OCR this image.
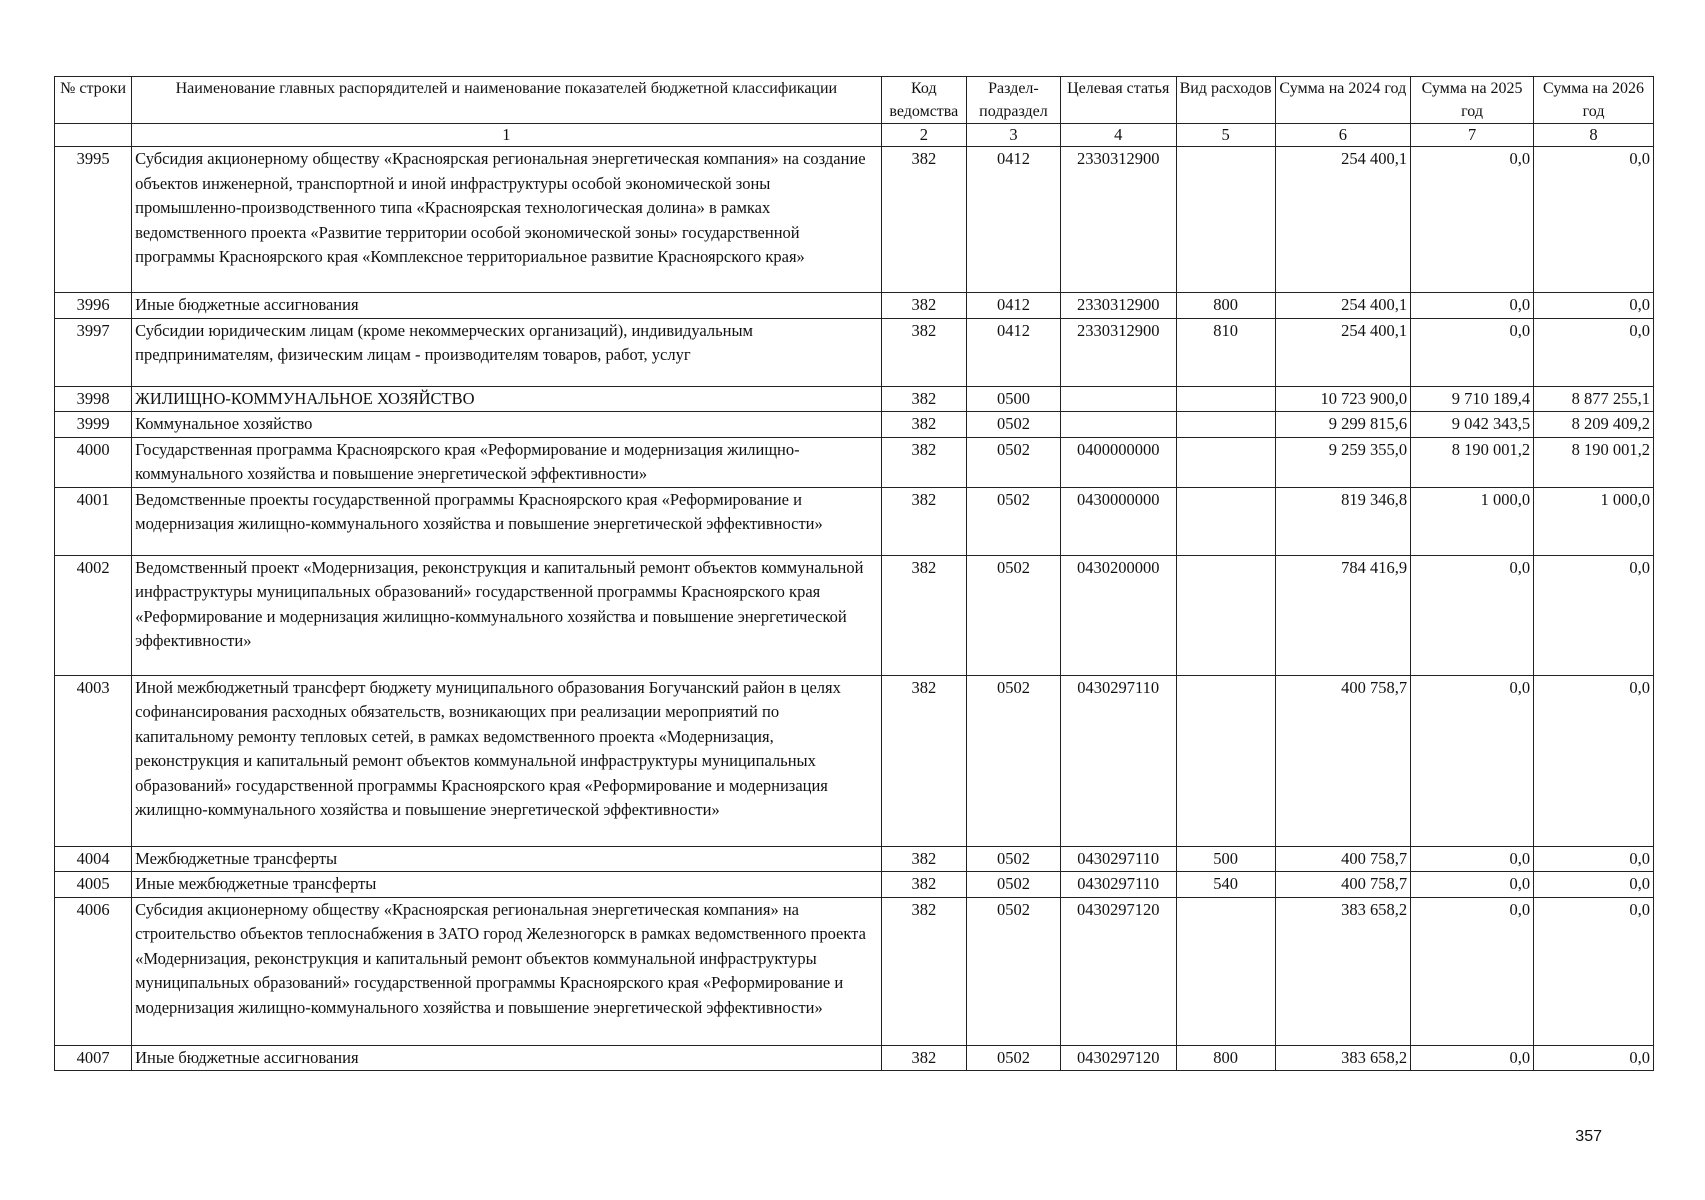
№ строки	Наименование главных распорядителей и наименование показателей бюджетной классификации	Код ведомства	Раздел-подраздел	Целевая статья	Вид расходов	Сумма на 2024 год	Сумма на 2025 год	Сумма на 2026 год
	1	2	3	4	5	6	7	8
3995	Субсидия акционерному обществу «Красноярская региональная энергетическая компания» на создание объектов инженерной, транспортной и иной инфраструктуры особой экономической зоны промышленно-производственного типа «Красноярская технологическая долина» в рамках ведомственного проекта «Развитие территории особой экономической зоны» государственной программы Красноярского края «Комплексное территориальное развитие Красноярского края»	382	0412	2330312900		254 400,1	0,0	0,0
3996	Иные бюджетные ассигнования	382	0412	2330312900	800	254 400,1	0,0	0,0
3997	Субсидии юридическим лицам (кроме некоммерческих организаций), индивидуальным предпринимателям, физическим лицам - производителям товаров, работ, услуг	382	0412	2330312900	810	254 400,1	0,0	0,0
3998	ЖИЛИЩНО-КОММУНАЛЬНОЕ ХОЗЯЙСТВО	382	0500			10 723 900,0	9 710 189,4	8 877 255,1
3999	Коммунальное хозяйство	382	0502			9 299 815,6	9 042 343,5	8 209 409,2
4000	Государственная программа Красноярского края «Реформирование и модернизация жилищно-коммунального хозяйства и повышение энергетической эффективности»	382	0502	0400000000		9 259 355,0	8 190 001,2	8 190 001,2
4001	Ведомственные проекты государственной программы Красноярского края «Реформирование и модернизация жилищно-коммунального хозяйства и повышение энергетической эффективности»	382	0502	0430000000		819 346,8	1 000,0	1 000,0
4002	Ведомственный проект «Модернизация, реконструкция и капитальный ремонт объектов коммунальной инфраструктуры муниципальных образований» государственной программы Красноярского края «Реформирование и модернизация жилищно-коммунального хозяйства и повышение энергетической эффективности»	382	0502	0430200000		784 416,9	0,0	0,0
4003	Иной межбюджетный трансферт бюджету муниципального образования Богучанский район в целях софинансирования расходных обязательств, возникающих при реализации мероприятий по капитальному ремонту тепловых сетей, в рамках ведомственного проекта «Модернизация, реконструкция и капитальный ремонт объектов коммунальной инфраструктуры муниципальных образований» государственной программы Красноярского края «Реформирование и модернизация жилищно-коммунального хозяйства и повышение энергетической эффективности»	382	0502	0430297110		400 758,7	0,0	0,0
4004	Межбюджетные трансферты	382	0502	0430297110	500	400 758,7	0,0	0,0
4005	Иные межбюджетные трансферты	382	0502	0430297110	540	400 758,7	0,0	0,0
4006	Субсидия акционерному обществу «Красноярская региональная энергетическая компания» на строительство объектов теплоснабжения в ЗАТО город Железногорск в рамках ведомственного проекта «Модернизация, реконструкция и капитальный ремонт объектов коммунальной инфраструктуры муниципальных образований» государственной программы Красноярского края «Реформирование и модернизация жилищно-коммунального хозяйства и повышение энергетической эффективности»	382	0502	0430297120		383 658,2	0,0	0,0
4007	Иные бюджетные ассигнования	382	0502	0430297120	800	383 658,2	0,0	0,0
357
